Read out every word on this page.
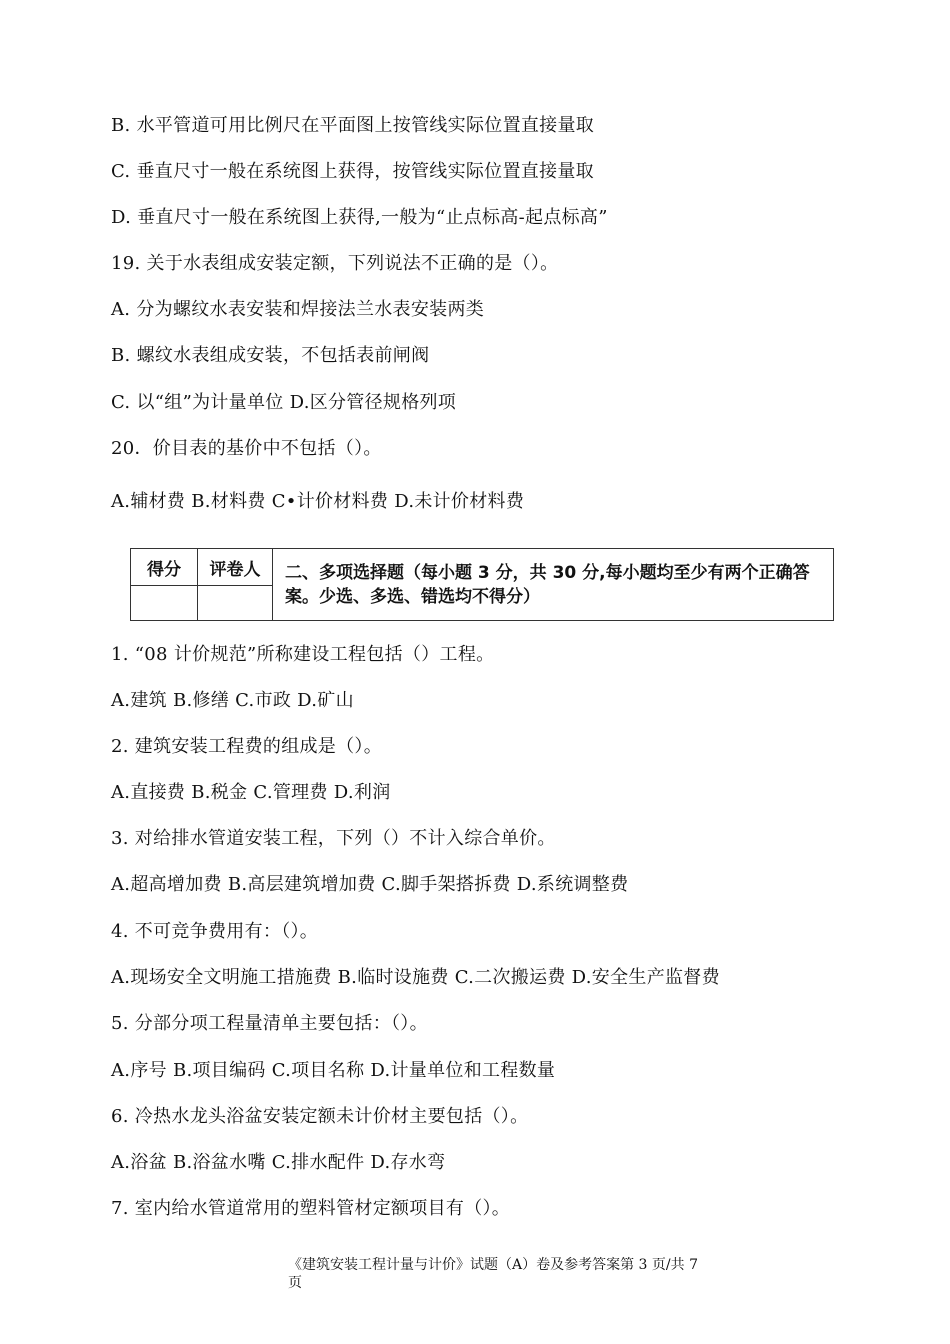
B. 水平管道可用比例尺在平面图上按管线实际位置直接量取
C. 垂直尺寸一般在系统图上获得，按管线实际位置直接量取
D. 垂直尺寸一般在系统图上获得,一般为“止点标高-起点标高”
19. 关于水表组成安装定额，下列说法不正确的是（）。
A. 分为螺纹水表安装和焊接法兰水表安装两类
B. 螺纹水表组成安装，不包括表前闸阀
C. 以“组”为计量单位 D.区分管径规格列项
20．价目表的基价中不包括（）。
A.辅材费 B.材料费 C•计价材料费 D.未计价材料费
得分	评卷人	二、多项选择题（每小题 3 分，共 30 分,每小题均至少有两个正确答案。少选、多选、错选均不得分）

1. “08 计价规范”所称建设工程包括（）工程。
A.建筑 B.修缮 C.市政 D.矿山
2. 建筑安装工程费的组成是（）。
A.直接费 B.税金 C.管理费 D.利润
3. 对给排水管道安装工程，下列（）不计入综合单价。
A.超高增加费 B.高层建筑增加费 C.脚手架搭拆费 D.系统调整费
4. 不可竞争费用有：（）。
A.现场安全文明施工措施费 B.临时设施费 C.二次搬运费 D.安全生产监督费
5. 分部分项工程量清单主要包括：（）。
A.序号 B.项目编码 C.项目名称 D.计量单位和工程数量
6. 冷热水龙头浴盆安装定额未计价材主要包括（）。
A.浴盆 B.浴盆水嘴 C.排水配件 D.存水弯
7. 室内给水管道常用的塑料管材定额项目有（）。
《建筑安装工程计量与计价》试题（A）卷及参考答案第 3 页/共 7 页
